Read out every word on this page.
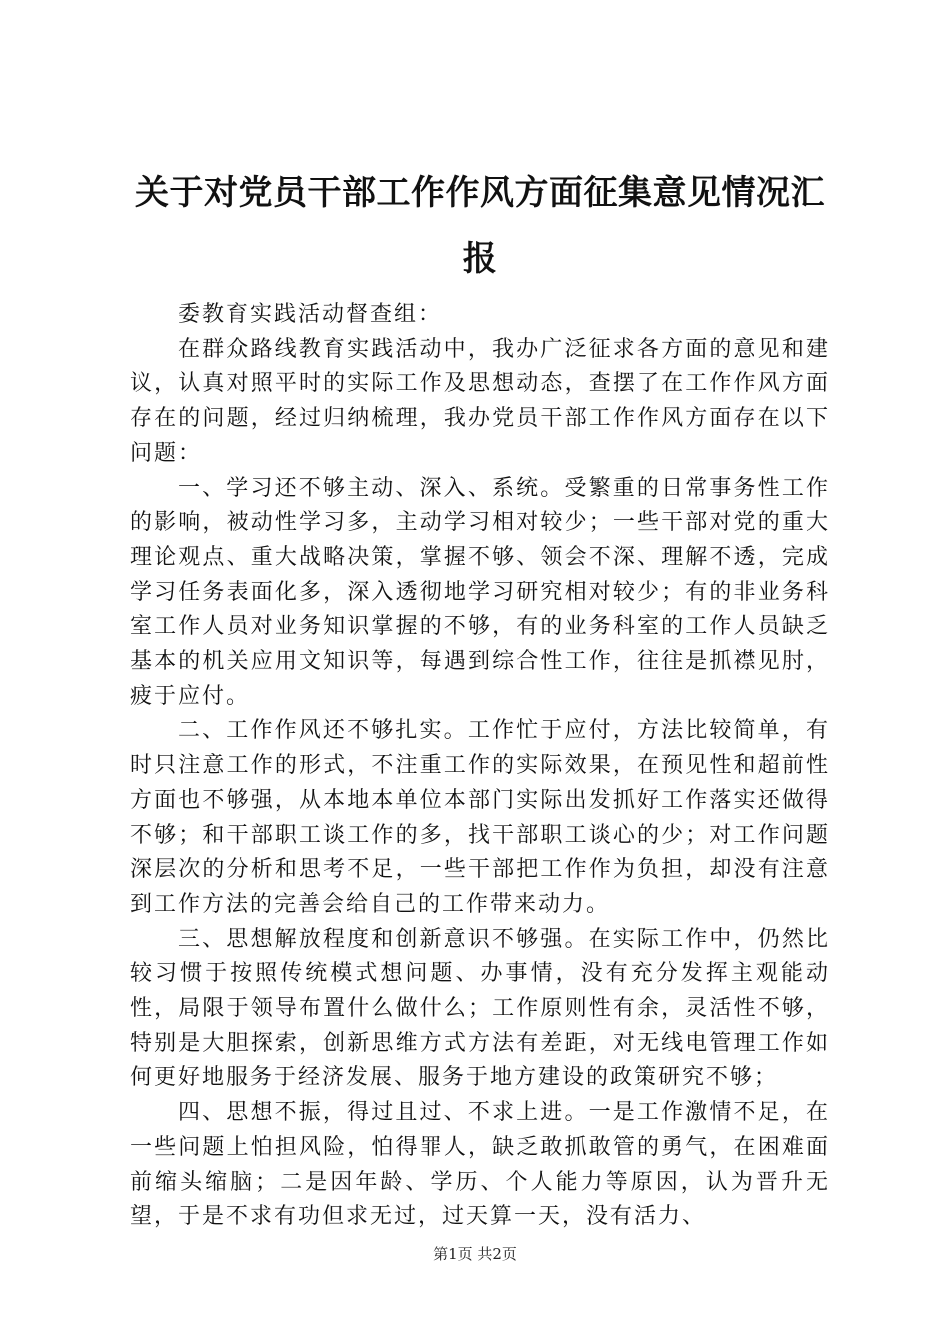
关于对党员干部工作作风方面征集意见情况汇报

委教育实践活动督查组：

在群众路线教育实践活动中，我办广泛征求各方面的意见和建议，认真对照平时的实际工作及思想动态，查摆了在工作作风方面存在的问题，经过归纳梳理，我办党员干部工作作风方面存在以下问题：

一、学习还不够主动、深入、系统。受繁重的日常事务性工作的影响，被动性学习多，主动学习相对较少；一些干部对党的重大理论观点、重大战略决策，掌握不够、领会不深、理解不透，完成学习任务表面化多，深入透彻地学习研究相对较少；有的非业务科室工作人员对业务知识掌握的不够，有的业务科室的工作人员缺乏基本的机关应用文知识等，每遇到综合性工作，往往是抓襟见肘，疲于应付。

二、工作作风还不够扎实。工作忙于应付，方法比较简单，有时只注意工作的形式，不注重工作的实际效果，在预见性和超前性方面也不够强，从本地本单位本部门实际出发抓好工作落实还做得不够；和干部职工谈工作的多，找干部职工谈心的少；对工作问题深层次的分析和思考不足，一些干部把工作作为负担，却没有注意到工作方法的完善会给自己的工作带来动力。

三、思想解放程度和创新意识不够强。在实际工作中，仍然比较习惯于按照传统模式想问题、办事情，没有充分发挥主观能动性，局限于领导布置什么做什么；工作原则性有余，灵活性不够，特别是大胆探索，创新思维方式方法有差距，对无线电管理工作如何更好地服务于经济发展、服务于地方建设的政策研究不够；

四、思想不振，得过且过、不求上进。一是工作激情不足，在一些问题上怕担风险，怕得罪人，缺乏敢抓敢管的勇气，在困难面前缩头缩脑；二是因年龄、学历、个人能力等原因，认为晋升无望，于是不求有功但求无过，过天算一天，没有活力、

第1页 共2页
